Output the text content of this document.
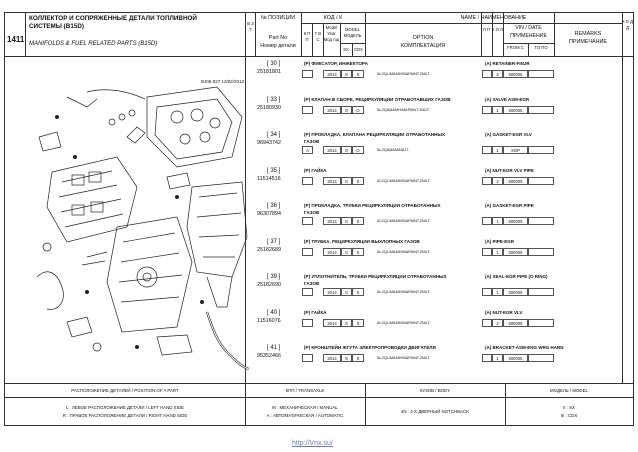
1411
КОЛЛЕКТОР И СОПРЯЖЕННЫЕ ДЕТАЛИ ТОПЛИВНОЙ СИСТЕМЫ (B15D)
MANIFOLDS & FUEL RELATED PARTS (B15D)
В З Т
№ ПОЗИЦИИ
Part No
Номер детали
КОД / К
К П П
Г В С
Model Year Мод год
MODEL МОДЕЛЬ
SX	CDX
NAME / НАИМЕНОВАНИЕ
OPTION
КОМПЛЕКТАЦИЯ
Л П К О Л	VIN / DATE
ПРИМЕНЕНИЕ
FROM С	TO ПО
REMARKS
ПРИМЕЧАНИЕ
К О Д Д
[ 30 ]
25181801
(P) ФИКСАТОР, ИНЖЕКТОРА	(A) RETAINER-FINJR
2014	S	S	&L2QL/M&MH/M&PAINT.2NUT.	4	500005
[ 33 ]
25180930
(P) КЛАПАН В СБОРЕ, РЕЦИРКУЛЯЦИИ ОТРАБОТАВШИХ ГАЗОВ	(A) VALVE ASM-EGR
2014	O	O	&L2Q&M&MH/M&PAINT.2NUT.	1	500005
[ 34 ]
96943742
(P) ПРОКЛАДКА, КЛАПАНА РЕЦИРКУЛЯЦИИ ОТРАБОТАННЫХ
ГАЗОВ
(A) GASKET-EGR VLV
A	2014	O	O	&L2Q&M&M&NUT.	1	SOP
[ 35 ]
11514516
(P) ГАЙКА	(A) NUT-EGR VLV PIPE
2014	S	S	&L2QL/M&MH/M&PAINT.2NUT.	2	500005
[ 36 ]
96307894
(P) ПРОКЛАДКА, ТРУБКИ РЕЦИРКУЛЯЦИИ ОТРАБОТАННЫХ
ГАЗОВ
(A) GASKET-EGR PIPE
2014	S	S	&L2QL/M&MH/M&PAINT.2NUT.	1	500005
[ 37 ]
25182689
(P) ТРУБКА, РЕЦИРКУЛЯЦИИ ВЫХЛОПНЫХ ГАЗОВ	(A) PIPE-EGR
2014	S	S	&L2QL/M&MH/M&PAINT.2NUT.	1	500005
[ 39 ]
25182690
(P) УПЛОТНИТЕЛЬ, ТРУБКИ РЕЦИРКУЛЯЦИИ ОТРАБОТАННЫХ
ГАЗОВ
(A) SEAL-EGR PIPE (O RING)
2014	S	S	&L2QL/M&MH/M&PAINT.2NUT.	1	500005
[ 40 ]
11516076
(P) ГАЙКА	(A) NUT-EGR VLV
2014	S	S	&L2QL/M&MH/M&PAINT.2NUT.	2	500005
[ 41 ]
95352466
(P) КРОНШТЕЙН ЖГУТА ЭЛЕКТРОПРОВОДКИ ДВИГАТЕЛЯ	(A) BRACKET-ASM-ENG WRG HARN
2014	S	S	&L2QL/M&MH/M&PAINT.2NUT.	1	500005
РАСПОЛОЖЕНИЕ ДЕТАЛЕЙ / POSITION OF A PART	КПП / TRANSAXLE	КУЗОВ / BODY	МОДЕЛЬ / MODEL
L : ЛЕВОЕ РАСПОЛОЖЕНИЕ ДЕТАЛИ / LEFT HAND SIDE
R : ПРАВОЕ РАСПОЛОЖЕНИЕ ДЕТАЛИ / RIGHT HAND SIDE
M : МЕХАНИЧЕСКАЯ / MANUAL
A : АВТОМАТИЧЕСКАЯ / AUTOMATIC
4N : 4-Х ДВЕРНЫЙ NOTCHBACK
II : SX
III : CDX
BJ06-027 13/02/2013
http://Vnx.su/
